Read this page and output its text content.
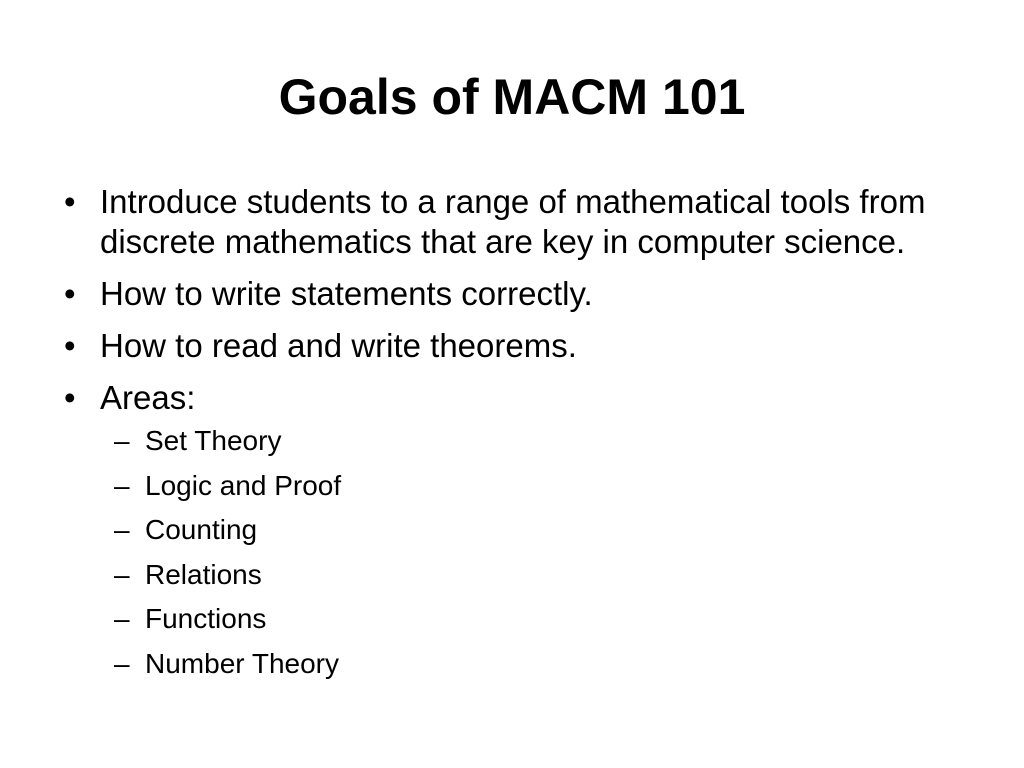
Goals of MACM 101
• Introduce students to a range of mathematical tools from discrete mathematics that are key in computer science.
• How to write statements correctly.
• How to read and write theorems.
• Areas:
– Set Theory
– Logic and Proof
– Counting
– Relations
– Functions
– Number Theory
